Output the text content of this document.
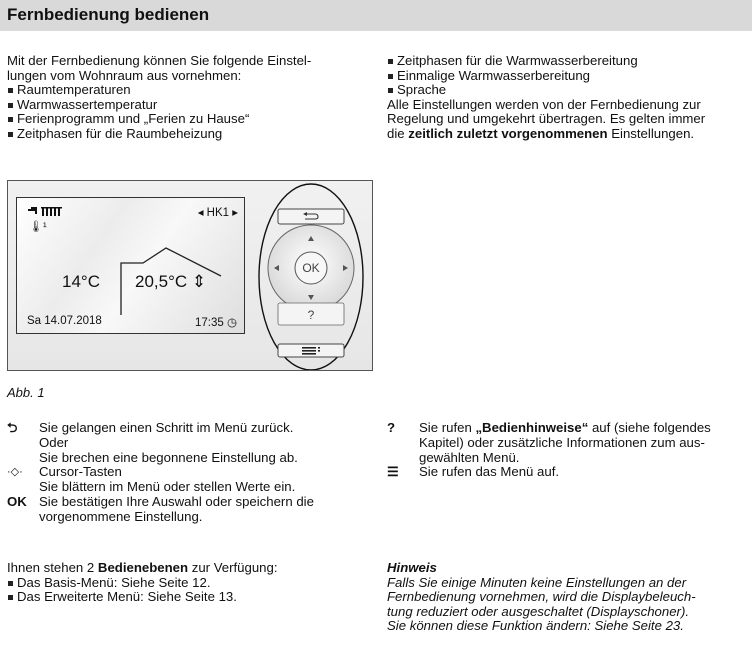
Fernbedienung bedienen

Mit der Fernbedienung können Sie folgende Einstel-

lungen vom Wohnraum aus vornehmen:

Raumtemperaturen
Warmwassertemperatur
Ferienprogramm und „Ferien zu Hause“
Zeitphasen für die Raumbeheizung
Zeitphasen für die Warmwasserbereitung
Einmalige Warmwasserbereitung
Sprache

Alle Einstellungen werden von der Fernbedienung zur

Regelung und umgekehrt übertragen. Es gelten immer

die zeitlich zuletzt vorgenommenen Einstellungen.

◂ HK1 ▸
🌡¹
14°C 20,5°C ⇕
Sa 14.07.2018	17:35 ◷
OK
?
Abb. 1
⮌	Sie gelangen einen Schritt im Menü zurück.
Oder
Sie brechen eine begonnene Einstellung ab.
·◇·	Cursor-Tasten
Sie blättern im Menü oder stellen Werte ein.
OK Sie bestätigen Ihre Auswahl oder speichern die
vorgenommene Einstellung.
?	Sie rufen „Bedienhinweise“ auf (siehe folgendes
Kapitel) oder zusätzliche Informationen zum aus-
gewählten Menü.
☰	Sie rufen das Menü auf.

Ihnen stehen 2 Bedienebenen zur Verfügung:

Das Basis-Menü: Siehe Seite 12.
Das Erweiterte Menü: Siehe Seite 13.

Hinweis

Falls Sie einige Minuten keine Einstellungen an der

Fernbedienung vornehmen, wird die Displaybeleuch-

tung reduziert oder ausgeschaltet (Displayschoner).

Sie können diese Funktion ändern: Siehe Seite 23.
